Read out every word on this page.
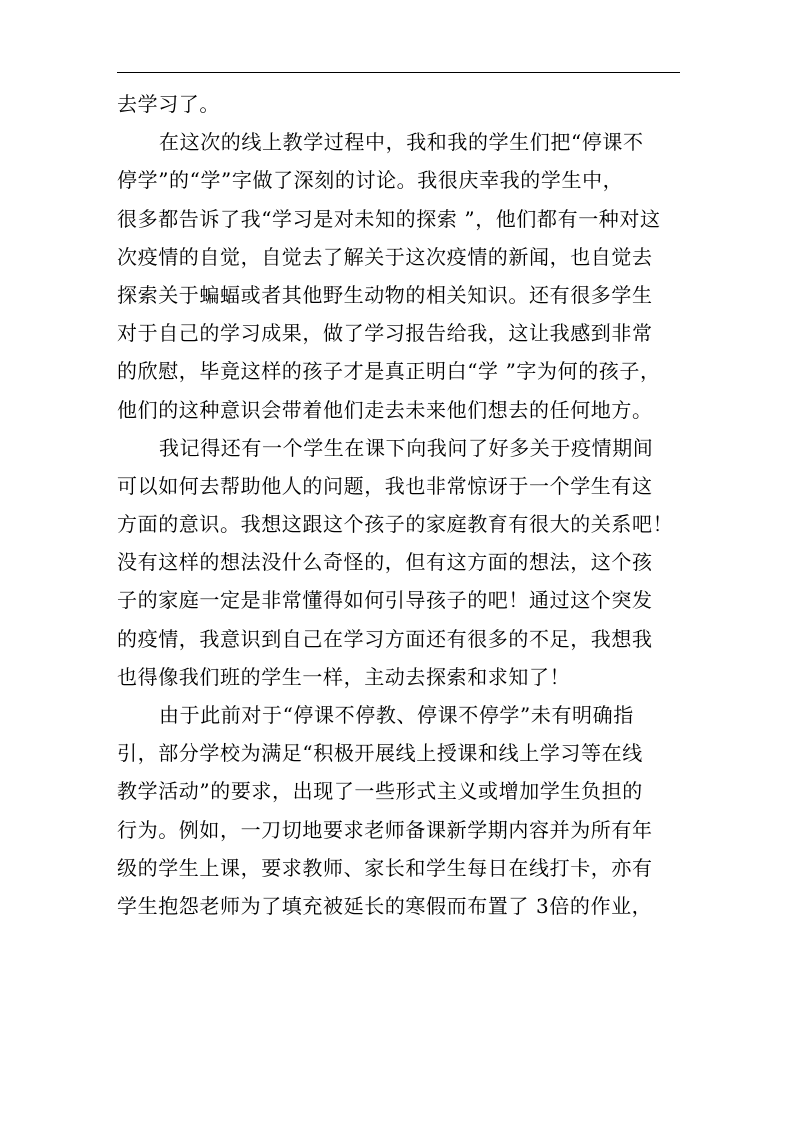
去学习了。
在这次的线上教学过程中，我和我的学生们把“停课不
停学”的“学”字做了深刻的讨论。我很庆幸我的学生中，
很多都告诉了我“学习是对未知的探索 ”，他们都有一种对这
次疫情的自觉，自觉去了解关于这次疫情的新闻，也自觉去
探索关于蝙蝠或者其他野生动物的相关知识。还有很多学生
对于自己的学习成果，做了学习报告给我，这让我感到非常
的欣慰，毕竟这样的孩子才是真正明白“学 ”字为何的孩子，
他们的这种意识会带着他们走去未来他们想去的任何地方。
我记得还有一个学生在课下向我问了好多关于疫情期间
可以如何去帮助他人的问题，我也非常惊讶于一个学生有这
方面的意识。我想这跟这个孩子的家庭教育有很大的关系吧！
没有这样的想法没什么奇怪的，但有这方面的想法，这个孩
子的家庭一定是非常懂得如何引导孩子的吧！通过这个突发
的疫情，我意识到自己在学习方面还有很多的不足，我想我
也得像我们班的学生一样，主动去探索和求知了！
由于此前对于“停课不停教、停课不停学”未有明确指
引，部分学校为满足“积极开展线上授课和线上学习等在线
教学活动”的要求，出现了一些形式主义或增加学生负担的
行为。例如，一刀切地要求老师备课新学期内容并为所有年
级的学生上课，要求教师、家长和学生每日在线打卡，亦有
学生抱怨老师为了填充被延长的寒假而布置了 3倍的作业，
